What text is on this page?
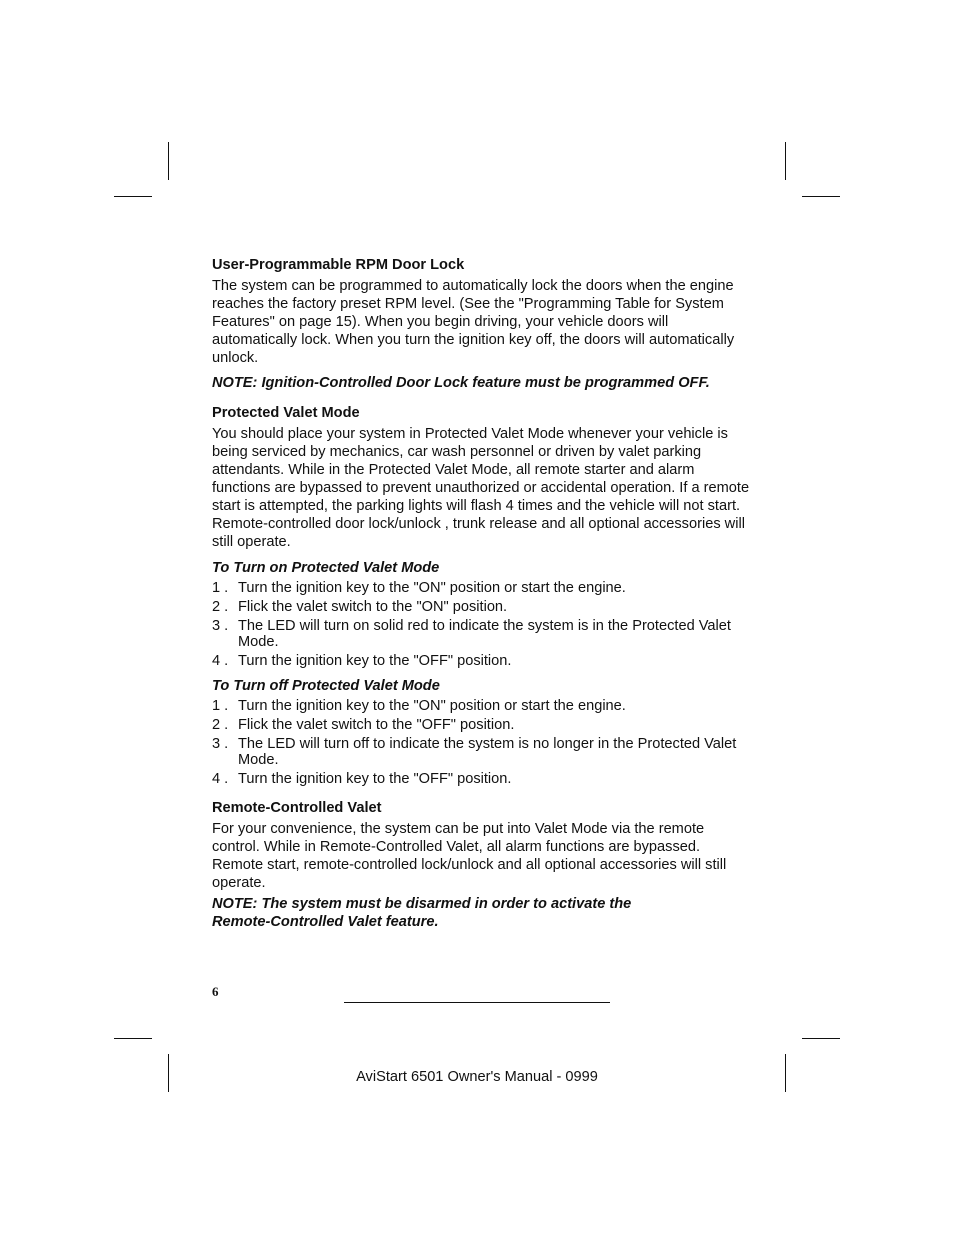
User-Programmable RPM Door Lock

The system can be programmed to automatically lock the doors when the engine reaches the factory preset RPM level. (See the "Programming Table for System Features" on page 15). When you begin driving, your vehicle doors will automatically lock. When you turn the ignition key off, the doors will automatically unlock.

NOTE: Ignition-Controlled Door Lock feature must be programmed OFF.

Protected Valet Mode

You should place your system in Protected Valet Mode whenever your vehicle is being serviced by mechanics, car wash personnel or driven by valet parking attendants. While in the Protected Valet Mode, all remote starter and alarm functions are bypassed to prevent unauthorized or accidental operation. If a remote start is attempted, the parking lights will flash 4 times and the vehicle will not start. Remote-controlled door lock/unlock , trunk release and all optional accessories will still operate.

To Turn on Protected Valet Mode
1 . Turn the ignition key to the "ON" position or start the engine.
2 . Flick the valet switch to the "ON" position.
3 . The LED will turn on solid red to indicate the system is in the Protected Valet Mode.
4 . Turn the ignition key to the "OFF" position.
To Turn off Protected Valet Mode
1 . Turn the ignition key to the "ON" position or start the engine.
2 . Flick the valet switch to the "OFF" position.
3 . The LED will turn off to indicate the system is no longer in the Protected Valet Mode.
4 . Turn the ignition key to the "OFF" position.
Remote-Controlled Valet

For your convenience, the system can be put into Valet Mode via the remote control. While in Remote-Controlled Valet, all alarm functions are bypassed. Remote start, remote-controlled lock/unlock and all optional accessories will still operate.

NOTE: The system must be disarmed in order to activate the
Remote-Controlled Valet feature.

6
AviStart 6501 Owner's Manual - 0999
